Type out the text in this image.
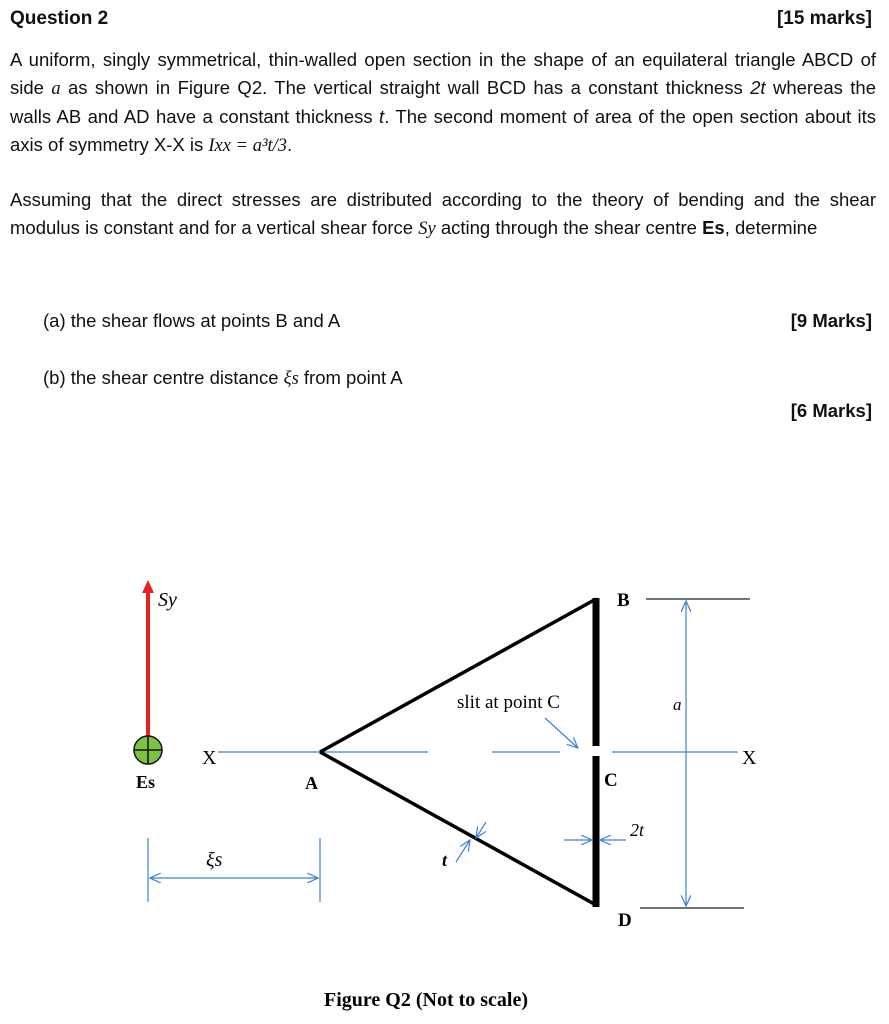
Question 2	[15 marks]
A uniform, singly symmetrical, thin-walled open section in the shape of an equilateral triangle ABCD of side a as shown in Figure Q2. The vertical straight wall BCD has a constant thickness 2t whereas the walls AB and AD have a constant thickness t. The second moment of area of the open section about its axis of symmetry X-X is Ixx = a³t/3.
Assuming that the direct stresses are distributed according to the theory of bending and the shear modulus is constant and for a vertical shear force Sy acting through the shear centre Es, determine
(a) the shear flows at points B and A	[9 Marks]
(b) the shear centre distance ξs from point A
[6 Marks]
Sy
Es
X	X
A
B
C
D
slit at point C	a
2t
t
ξs
Figure Q2 (Not to scale)
